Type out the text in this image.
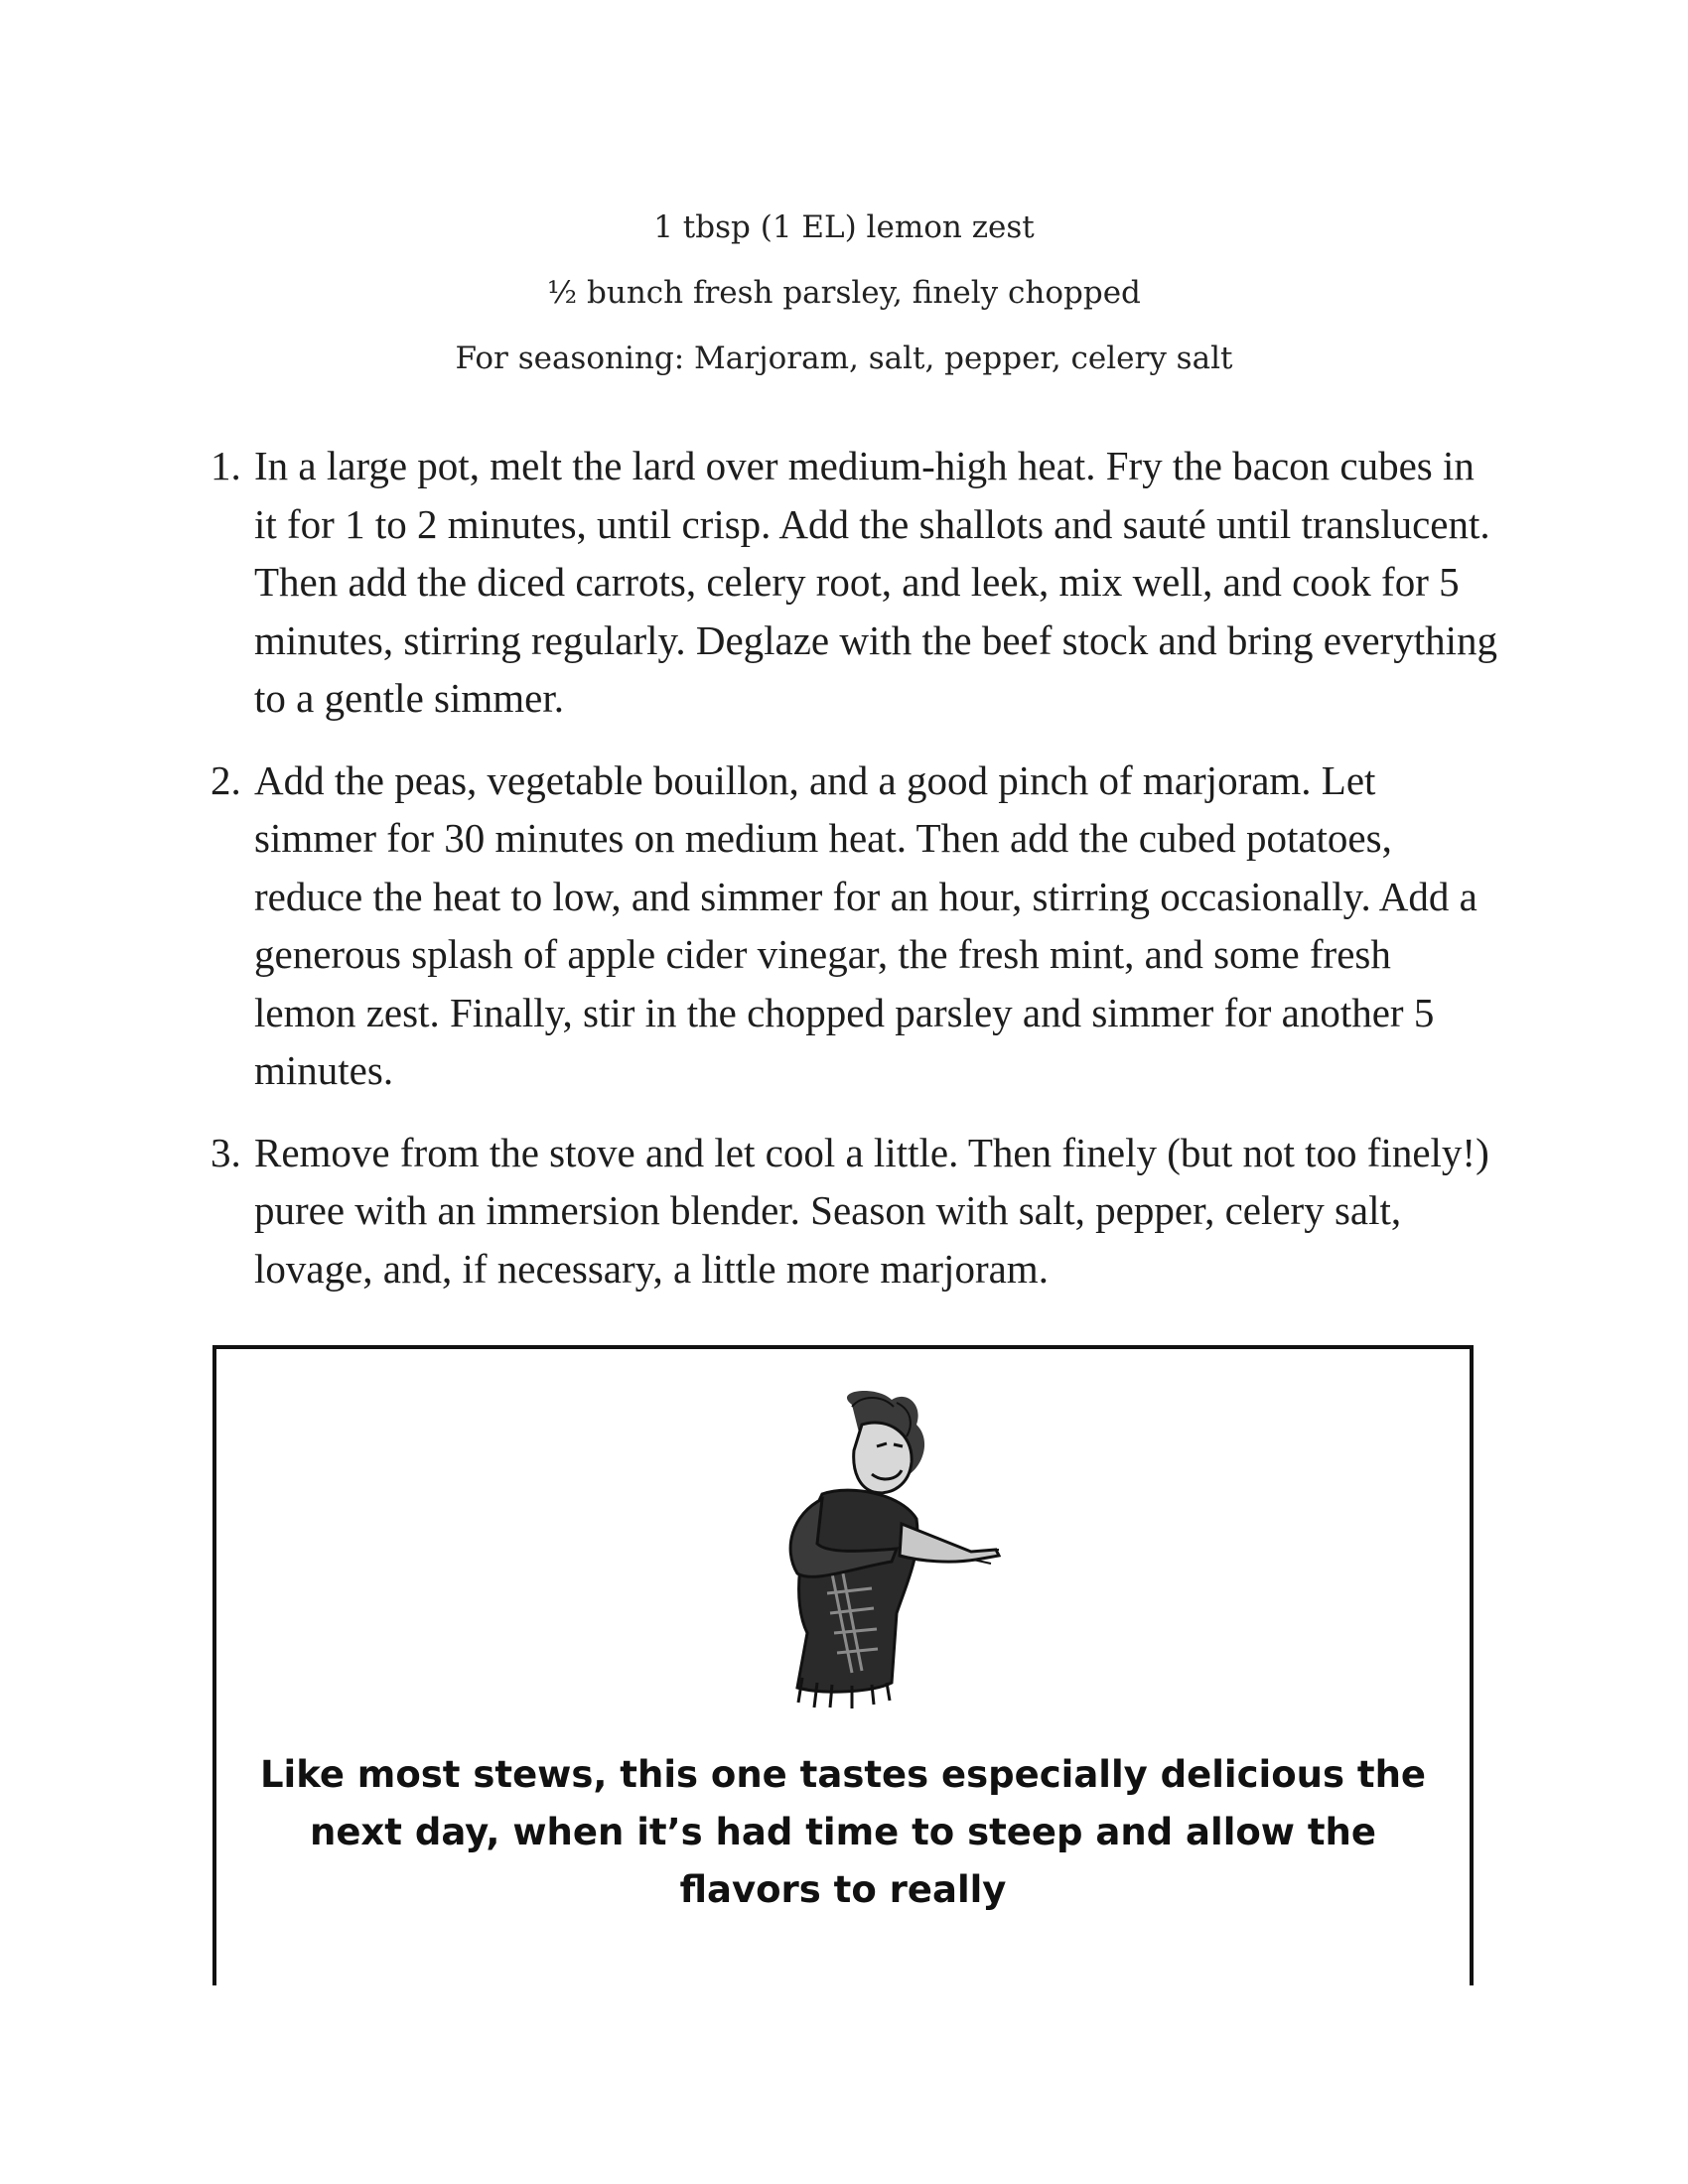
1 tbsp (1 EL) lemon zest
½ bunch fresh parsley, finely chopped
For seasoning: Marjoram, salt, pepper, celery salt
1. In a large pot, melt the lard over medium-high heat. Fry the bacon cubes in it for 1 to 2 minutes, until crisp. Add the shallots and sauté until translucent. Then add the diced carrots, celery root, and leek, mix well, and cook for 5 minutes, stirring regularly. Deglaze with the beef stock and bring everything to a gentle simmer.
2. Add the peas, vegetable bouillon, and a good pinch of marjoram. Let simmer for 30 minutes on medium heat. Then add the cubed potatoes, reduce the heat to low, and simmer for an hour, stirring occasionally. Add a generous splash of apple cider vinegar, the fresh mint, and some fresh lemon zest. Finally, stir in the chopped parsley and simmer for another 5 minutes.
3. Remove from the stove and let cool a little. Then finely (but not too finely!) puree with an immersion blender. Season with salt, pepper, celery salt, lovage, and, if necessary, a little more marjoram.
Like most stews, this one tastes especially delicious the next day, when it’s had time to steep and allow the flavors to really
